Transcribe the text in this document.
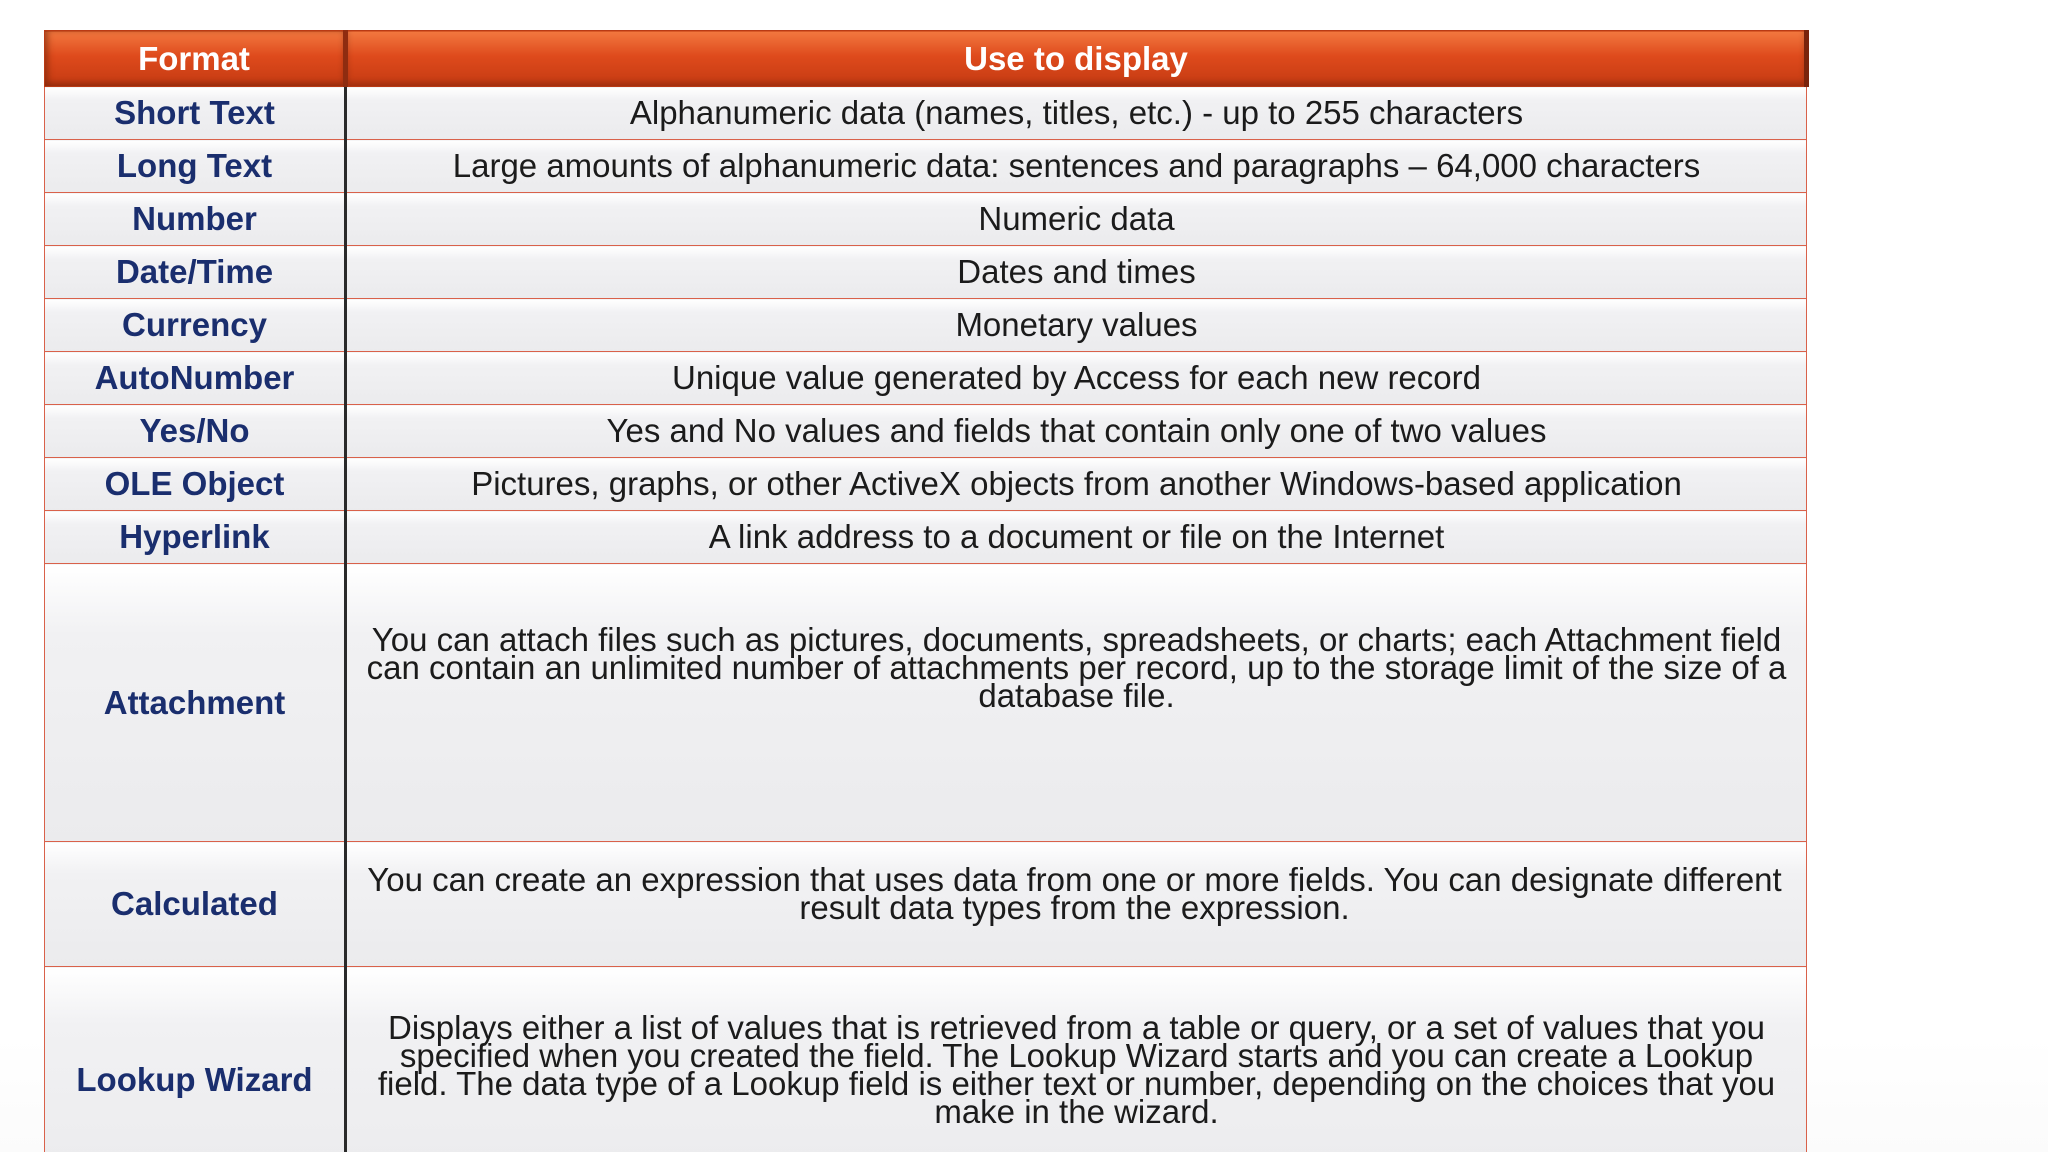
Format	Use to display
Short Text	Alphanumeric data (names, titles, etc.) - up to 255 characters
Long Text	Large amounts of alphanumeric data: sentences and paragraphs – 64,000 characters
Number	Numeric data
Date/Time	Dates and times
Currency	Monetary values
AutoNumber	Unique value generated by Access for each new record
Yes/No	Yes and No values and fields that contain only one of two values
OLE Object	Pictures, graphs, or other ActiveX objects from another Windows-based application
Hyperlink	A link address to a document or file on the Internet
Attachment	You can attach files such as pictures, documents, spreadsheets, or charts; each Attachment field can contain an unlimited number of attachments per record, up to the storage limit of the size of a database file.
Calculated	You can create an expression that uses data from one or more fields. You can designate different result data types from the expression.

Lookup Wizard	Displays either a list of values that is retrieved from a table or query, or a set of values that you specified when you created the field. The Lookup Wizard starts and you can create a Lookup field. The data type of a Lookup field is either text or number, depending on the choices that you make in the wizard.
